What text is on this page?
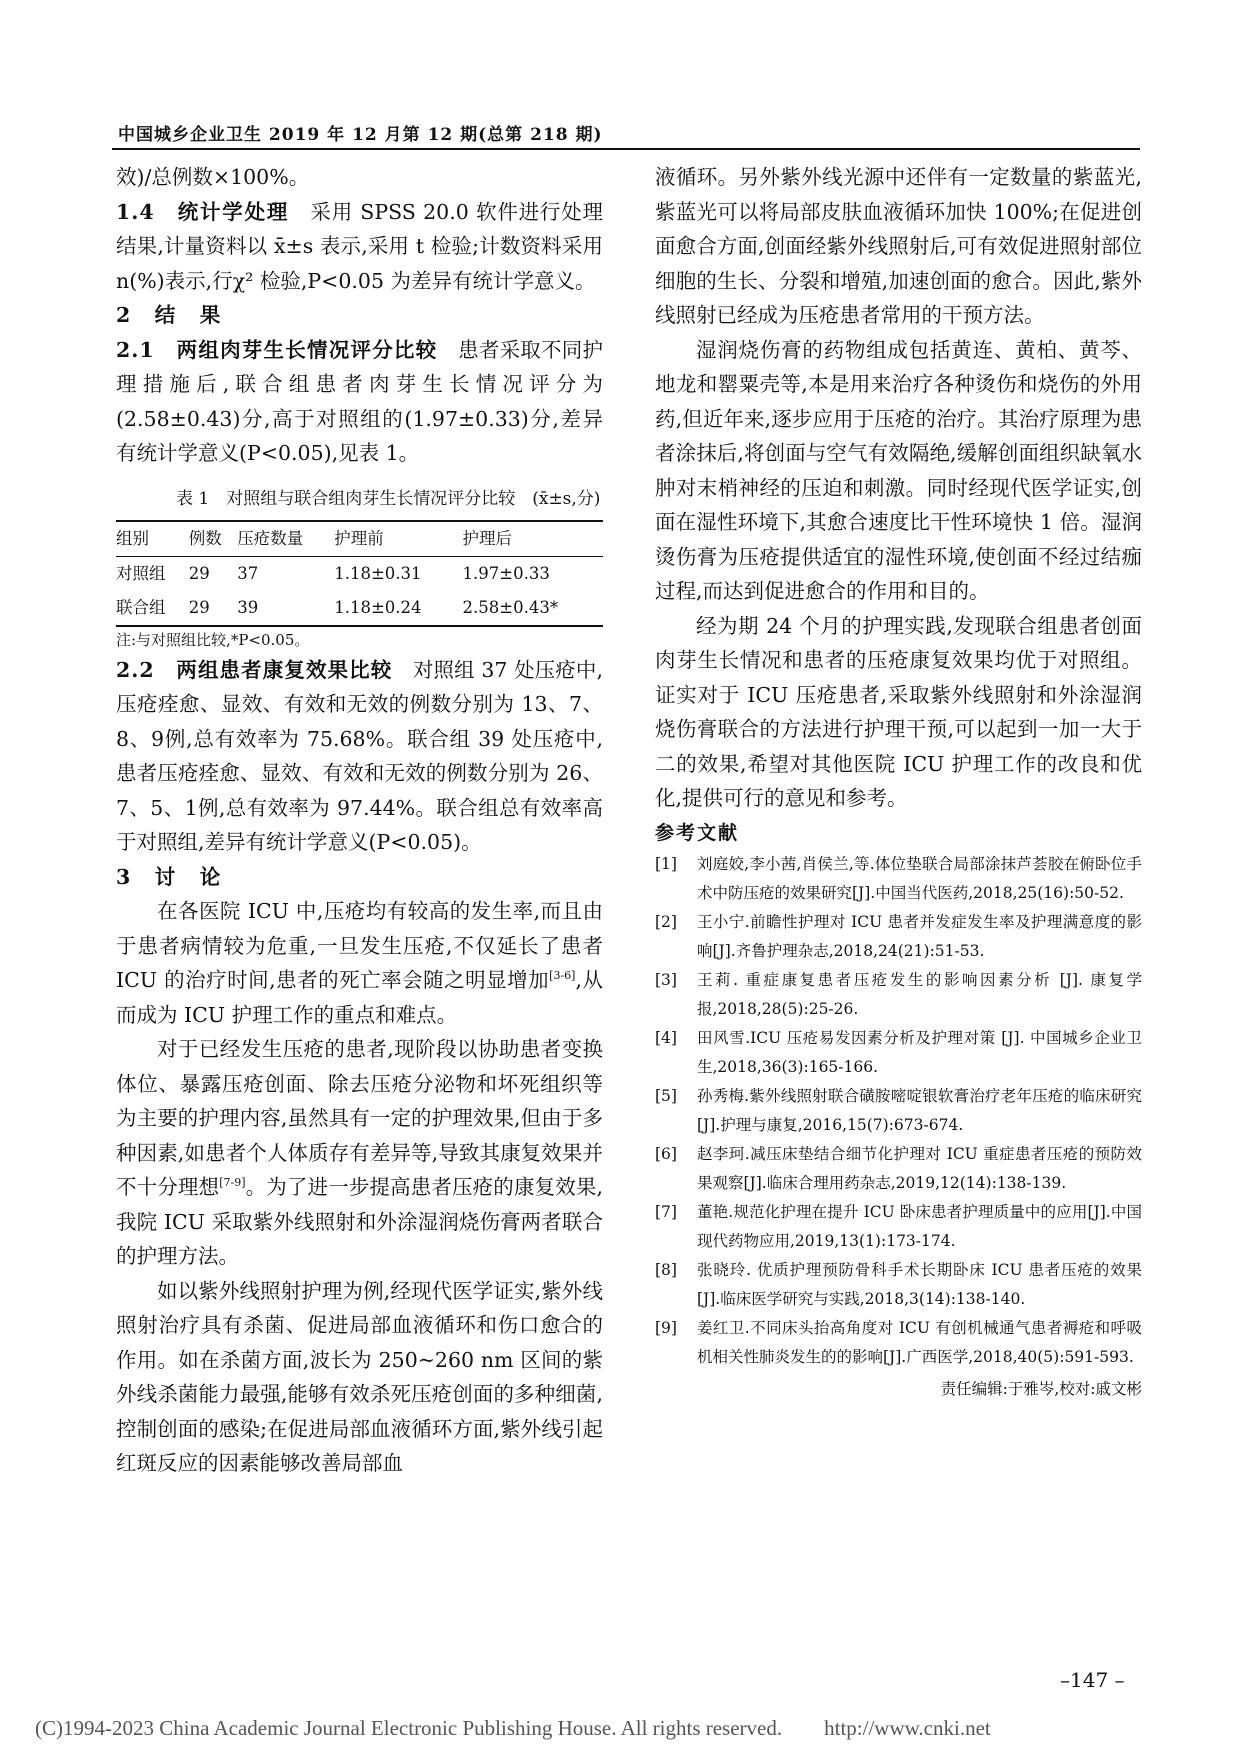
中国城乡企业卫生 2019 年 12 月第 12 期(总第 218 期)

效)/总例数×100%。

1.4　统计学处理　采用 SPSS 20.0 软件进行处理结果,计量资料以 x̄±s 表示,采用 t 检验;计数资料采用 n(%)表示,行χ² 检验,P<0.05 为差异有统计学意义。

2　结　果

2.1　两组肉芽生长情况评分比较　患者采取不同护理措施后,联合组患者肉芽生长情况评分为(2.58±0.43)分,高于对照组的(1.97±0.33)分,差异有统计学意义(P<0.05),见表 1。

表 1　对照组与联合组肉芽生长情况评分比较　(x̄±s,分)
组别	例数	压疮数量	护理前	护理后
对照组	29	37	1.18±0.31	1.97±0.33
联合组	29	39	1.18±0.24	2.58±0.43*

注:与对照组比较,*P<0.05。

2.2　两组患者康复效果比较　对照组 37 处压疮中,压疮痊愈、显效、有效和无效的例数分别为 13、7、8、9例,总有效率为 75.68%。联合组 39 处压疮中,患者压疮痊愈、显效、有效和无效的例数分别为 26、7、5、1例,总有效率为 97.44%。联合组总有效率高于对照组,差异有统计学意义(P<0.05)。

3　讨　论

在各医院 ICU 中,压疮均有较高的发生率,而且由于患者病情较为危重,一旦发生压疮,不仅延长了患者 ICU 的治疗时间,患者的死亡率会随之明显增加[3-6],从而成为 ICU 护理工作的重点和难点。

对于已经发生压疮的患者,现阶段以协助患者变换体位、暴露压疮创面、除去压疮分泌物和坏死组织等为主要的护理内容,虽然具有一定的护理效果,但由于多种因素,如患者个人体质存有差异等,导致其康复效果并不十分理想[7-9]。为了进一步提高患者压疮的康复效果,我院 ICU 采取紫外线照射和外涂湿润烧伤膏两者联合的护理方法。

如以紫外线照射护理为例,经现代医学证实,紫外线照射治疗具有杀菌、促进局部血液循环和伤口愈合的作用。如在杀菌方面,波长为 250~260 nm 区间的紫外线杀菌能力最强,能够有效杀死压疮创面的多种细菌,控制创面的感染;在促进局部血液循环方面,紫外线引起红斑反应的因素能够改善局部血

液循环。另外紫外线光源中还伴有一定数量的紫蓝光,紫蓝光可以将局部皮肤血液循环加快 100%;在促进创面愈合方面,创面经紫外线照射后,可有效促进照射部位细胞的生长、分裂和增殖,加速创面的愈合。因此,紫外线照射已经成为压疮患者常用的干预方法。

湿润烧伤膏的药物组成包括黄连、黄柏、黄芩、地龙和罂粟壳等,本是用来治疗各种烫伤和烧伤的外用药,但近年来,逐步应用于压疮的治疗。其治疗原理为患者涂抹后,将创面与空气有效隔绝,缓解创面组织缺氧水肿对末梢神经的压迫和刺激。同时经现代医学证实,创面在湿性环境下,其愈合速度比干性环境快 1 倍。湿润烫伤膏为压疮提供适宜的湿性环境,使创面不经过结痂过程,而达到促进愈合的作用和目的。

经为期 24 个月的护理实践,发现联合组患者创面肉芽生长情况和患者的压疮康复效果均优于对照组。证实对于 ICU 压疮患者,采取紫外线照射和外涂湿润烧伤膏联合的方法进行护理干预,可以起到一加一大于二的效果,希望对其他医院 ICU 护理工作的改良和优化,提供可行的意见和参考。

参考文献

[1]	刘庭姣,李小茜,肖侯兰,等.体位垫联合局部涂抹芦荟胶在俯卧位手术中防压疮的效果研究[J].中国当代医药,2018,25(16):50-52.

[2]	王小宁.前瞻性护理对 ICU 患者并发症发生率及护理满意度的影响[J].齐鲁护理杂志,2018,24(21):51-53.

[3]	王莉. 重症康复患者压疮发生的影响因素分析 [J]. 康复学报,2018,28(5):25-26.

[4]	田风雪.ICU 压疮易发因素分析及护理对策 [J]. 中国城乡企业卫生,2018,36(3):165-166.

[5]	孙秀梅.紫外线照射联合磺胺嘧啶银软膏治疗老年压疮的临床研究[J].护理与康复,2016,15(7):673-674.

[6]	赵李珂.减压床垫结合细节化护理对 ICU 重症患者压疮的预防效果观察[J].临床合理用药杂志,2019,12(14):138-139.

[7]	董艳.规范化护理在提升 ICU 卧床患者护理质量中的应用[J].中国现代药物应用,2019,13(1):173-174.

[8]	张晓玲. 优质护理预防骨科手术长期卧床 ICU 患者压疮的效果[J].临床医学研究与实践,2018,3(14):138-140.

[9]	姜红卫.不同床头抬高角度对 ICU 有创机械通气患者褥疮和呼吸机相关性肺炎发生的的影响[J].广西医学,2018,40(5):591-593.

责任编辑:于雅岑,校对:戚文彬
–147 –
(C)1994-2023 China Academic Journal Electronic Publishing House. All rights reserved.　　http://www.cnki.net
